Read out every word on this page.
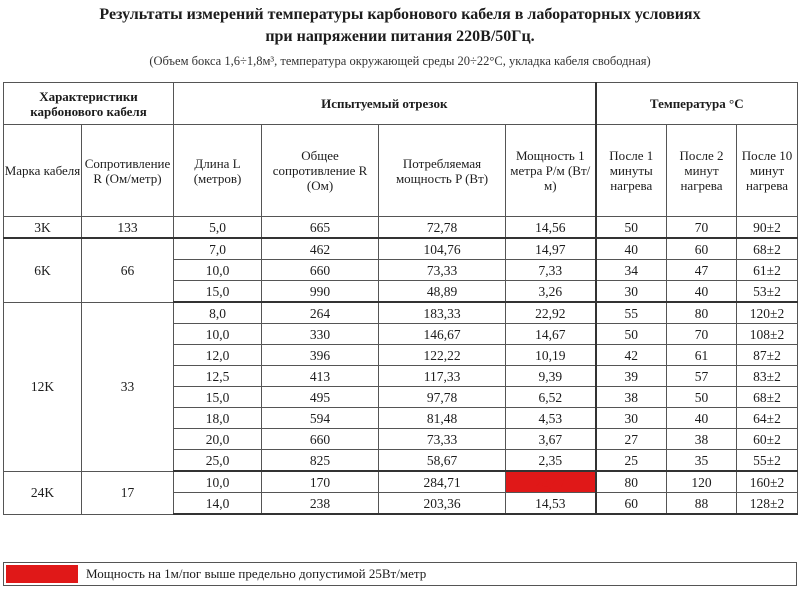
Результаты измерений температуры карбонового кабеля в лабораторных условиях
при напряжении питания 220В/50Гц.
(Объем бокса 1,6÷1,8м³, температура окружающей среды 20÷22°С, укладка кабеля свободная)
Характеристики карбонового кабеля		Испытуемый отрезок				Температура °С		
Марка кабеля	Сопротивление R (Ом/метр)	Длина L (метров)	Общее сопротивление R (Ом)	Потребляемая мощность P (Вт)	Мощность 1 метра P/м (Вт/м)	После 1 минуты нагрева	После 2 минут нагрева	После 10 минут нагрева
3K	133	5,0	665	72,78	14,56	50	70	90±2
6K	66	7,0	462	104,76	14,97	40	60	68±2
		10,0	660	73,33	7,33	34	47	61±2
		15,0	990	48,89	3,26	30	40	53±2
12K	33	8,0	264	183,33	22,92	55	80	120±2
		10,0	330	146,67	14,67	50	70	108±2
		12,0	396	122,22	10,19	42	61	87±2
		12,5	413	117,33	9,39	39	57	83±2
		15,0	495	97,78	6,52	38	50	68±2
		18,0	594	81,48	4,53	30	40	64±2
		20,0	660	73,33	3,67	27	38	60±2
		25,0	825	58,67	2,35	25	35	55±2
24K	17	10,0	170	284,71	28,47	80	120	160±2
		14,0	238	203,36	14,53	60	88	128±2
Мощность на 1м/пог выше предельно допустимой 25Вт/метр
